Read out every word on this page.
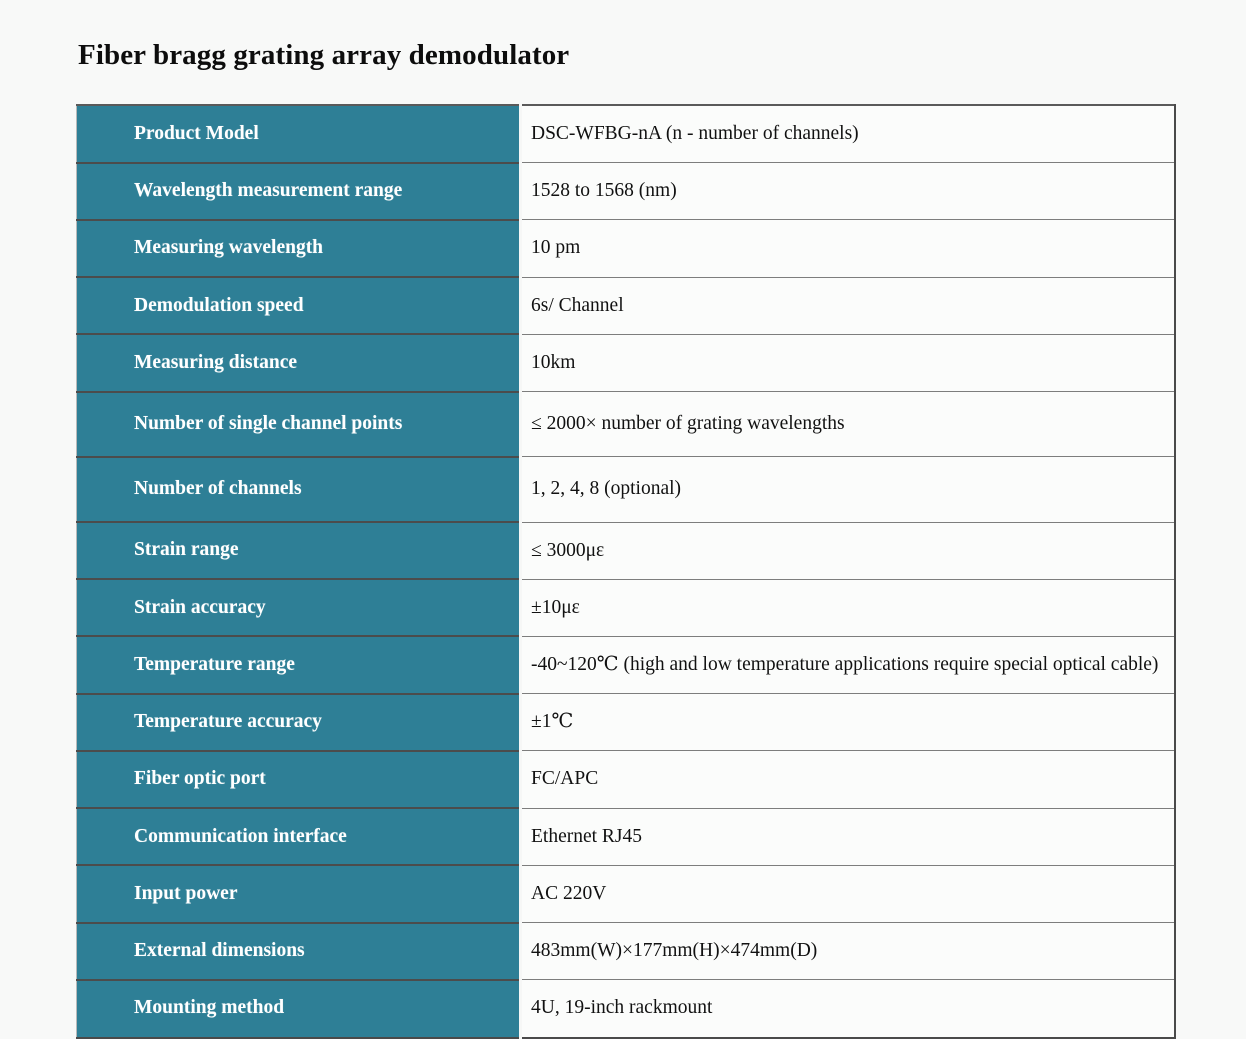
Fiber bragg grating array demodulator
Product Model	DSC-WFBG-nA (n - number of channels)
Wavelength measurement range	1528 to 1568 (nm)
Measuring wavelength	10 pm
Demodulation speed	6s/ Channel
Measuring distance	10km
Number of single channel points	≤ 2000× number of grating wavelengths
Number of channels	1, 2, 4, 8 (optional)
Strain range	≤ 3000με
Strain accuracy	±10με
Temperature range	-40~120℃ (high and low temperature applications require special optical cable)
Temperature accuracy	±1℃
Fiber optic port	FC/APC
Communication interface	Ethernet RJ45
Input power	AC 220V
External dimensions	483mm(W)×177mm(H)×474mm(D)
Mounting method	4U, 19-inch rackmount
